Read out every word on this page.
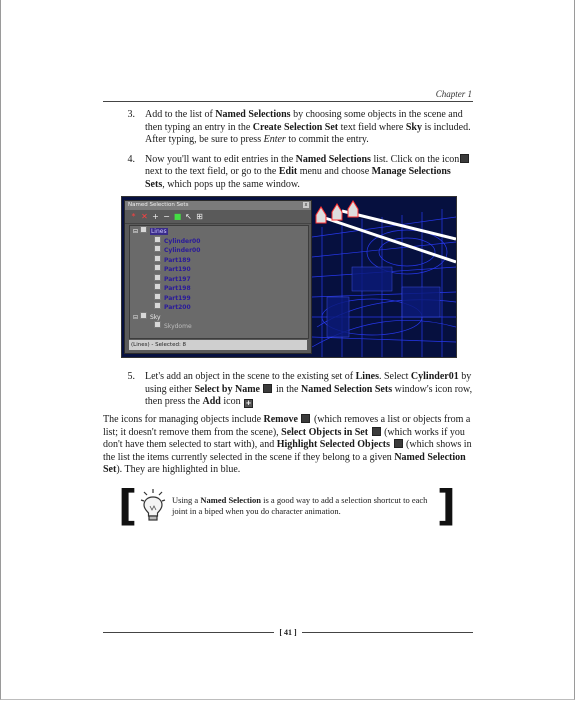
Chapter 1
3.	Add to the list of Named Selections by choosing some objects in the scene and then typing an entry in the Create Selection Set text field where Sky is included. After typing, be sure to press Enter to commit the entry.
4.	Now you'll want to edit entries in the Named Selections list. Click on the icon next to the text field, or go to the Edit menu and choose Manage Selections Sets, which pops up the same window.
Named Selection Sets	x
* ✕ + − ■ ↖ ⊞
⊟ Lines
Cylinder00
Cylinder00
Part189
Part190
Part197
Part198
Part199
Part200
⊟ Sky
Skydome
(Lines) - Selected: 8
5.	Let's add an object in the scene to the existing set of Lines. Select Cylinder01 by using either Select by Name  in the Named Selection Sets window's icon row, then press the Add icon +
The icons for managing objects include Remove  (which removes a list or objects from a list; it doesn't remove them from the scene), Select Objects in Set  (which works if you don't have them selected to start with), and Highlight Selected Objects  (which shows in the list the items currently selected in the scene if they belong to a given Named Selection Set). They are highlighted in blue.
[	Using a Named Selection is a good way to add a selection shortcut to each joint in a biped when you do character animation.	]
[ 41 ]
